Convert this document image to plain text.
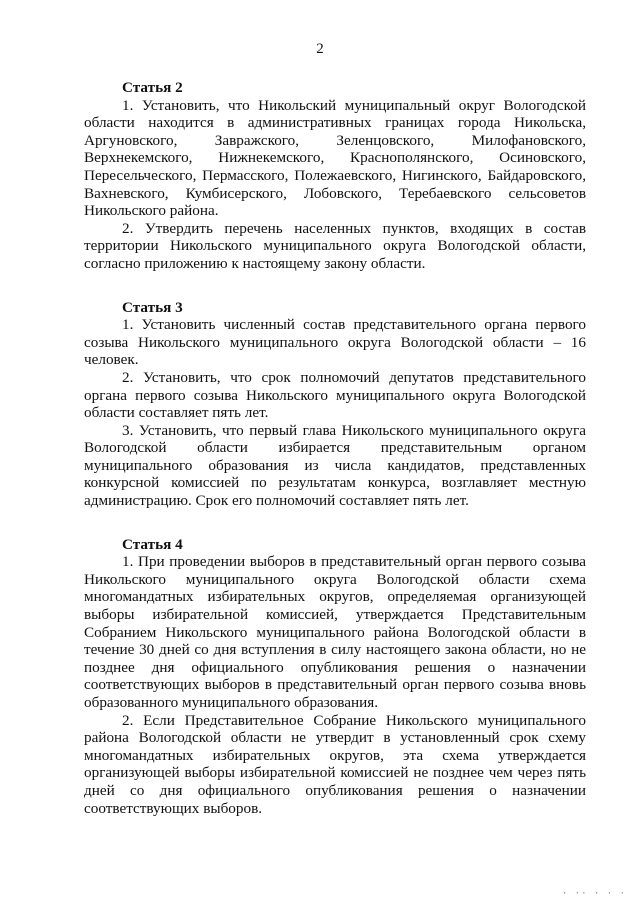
2

Статья 2

1. Установить, что Никольский муниципальный округ Вологодской области находится в административных границах города Никольска, Аргуновского, Завражского, Зеленцовского, Милофановского, Верхнекемского, Нижнекемского, Краснополянского, Осиновского, Пересельческого, Пермасского, Полежаевского, Нигинского, Байдаровского, Вахневского, Кумбисерского, Лобовского, Теребаевского сельсоветов Никольского района.

2. Утвердить перечень населенных пунктов, входящих в состав территории Никольского муниципального округа Вологодской области, согласно приложению к настоящему закону области.

Статья 3

1. Установить численный состав представительного органа первого созыва Никольского муниципального округа Вологодской области – 16 человек.

2. Установить, что срок полномочий депутатов представительного органа первого созыва Никольского муниципального округа Вологодской области составляет пять лет.

3. Установить, что первый глава Никольского муниципального округа Вологодской области избирается представительным органом муниципального образования из числа кандидатов, представленных конкурсной комиссией по результатам конкурса, возглавляет местную администрацию. Срок его полномочий составляет пять лет.

Статья 4

1. При проведении выборов в представительный орган первого созыва Никольского муниципального округа Вологодской области схема многомандатных избирательных округов, определяемая организующей выборы избирательной комиссией, утверждается Представительным Собранием Никольского муниципального района Вологодской области в течение 30 дней со дня вступления в силу настоящего закона области, но не позднее дня официального опубликования решения о назначении соответствующих выборов в представительный орган первого созыва вновь образованного муниципального образования.

2. Если Представительное Собрание Никольского муниципального района Вологодской области не утвердит в установленный срок схему многомандатных избирательных округов, эта схема утверждается организующей выборы избирательной комиссией не позднее чем через пять дней со дня официального опубликования решения о назначении соответствующих выборов.

· ·· · · ·
